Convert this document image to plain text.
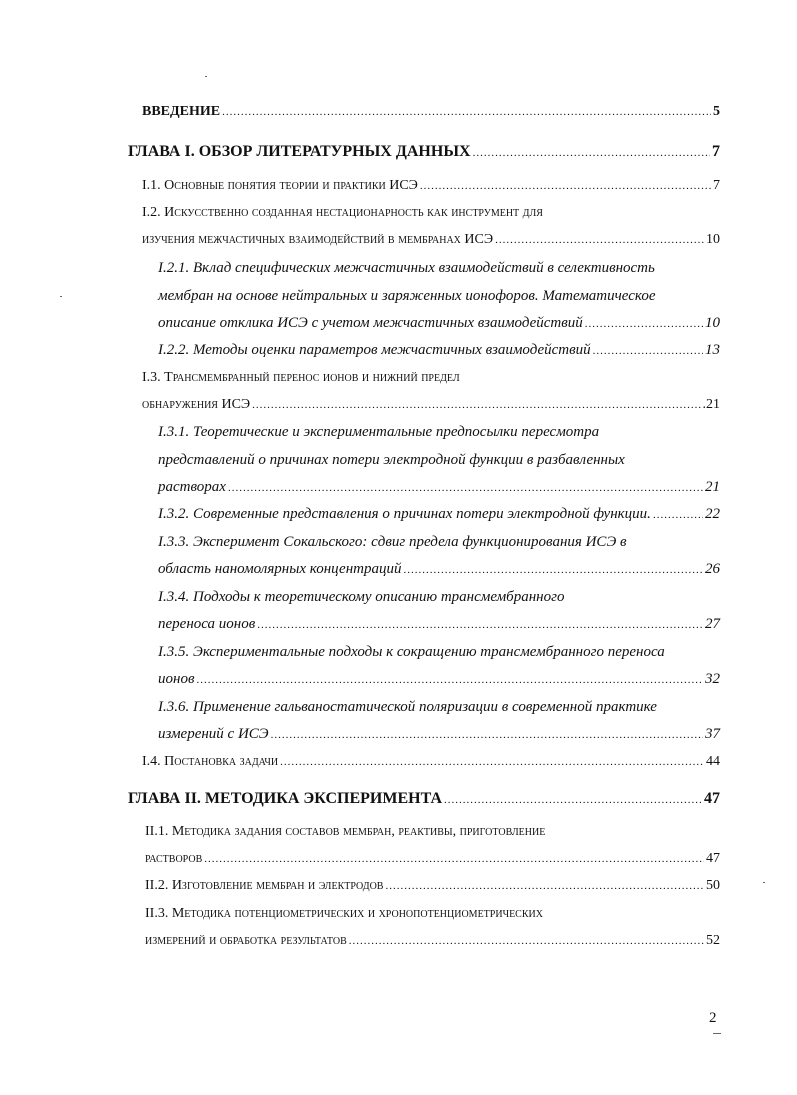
ВВЕДЕНИЕ .....	5
ГЛАВА I. ОБЗОР ЛИТЕРАТУРНЫХ ДАННЫХ .....	7
I.1. Основные понятия теории и практики ИСЭ .....	7
I.2. Искусственно созданная нестационарность как инструмент для
изучения межчастичных взаимодействий в мембранах ИСЭ .....	10
I.2.1. Вклад специфических межчастичных взаимодействий в селективность
мембран на основе нейтральных и заряженных ионофоров. Математическое
описание отклика ИСЭ с учетом межчастичных взаимодействий .....	10
I.2.2. Методы оценки параметров межчастичных взаимодействий .....	13
I.3. Трансмембранный перенос ионов и нижний предел
обнаружения ИСЭ .....	.21
I.3.1. Теоретические и экспериментальные предпосылки пересмотра
представлений о причинах потери электродной функции в разбавленных
растворах .....	21
I.3.2. Современные представления о причинах потери электродной функции. .....	22
I.3.3. Эксперимент Сокальского: сдвиг предела функционирования ИСЭ в
область наномолярных концентраций .....	26
I.3.4. Подходы к теоретическому описанию трансмембранного
переноса ионов .....	27
I.3.5. Экспериментальные подходы к сокращению трансмембранного переноса
ионов .....	32
I.3.6. Применение гальваностатической поляризации в современной практике
измерений с ИСЭ .....	37
I.4. Постановка задачи .....	44
ГЛАВА II. МЕТОДИКА ЭКСПЕРИМЕНТА .....	47
II.1. Методика задания составов мембран, реактивы, приготовление
растворов .....	47
II.2. Изготовление мембран и электродов .....	50
II.3. Методика потенциометрических и хронопотенциометрических
измерений и обработка результатов .....	52
2
